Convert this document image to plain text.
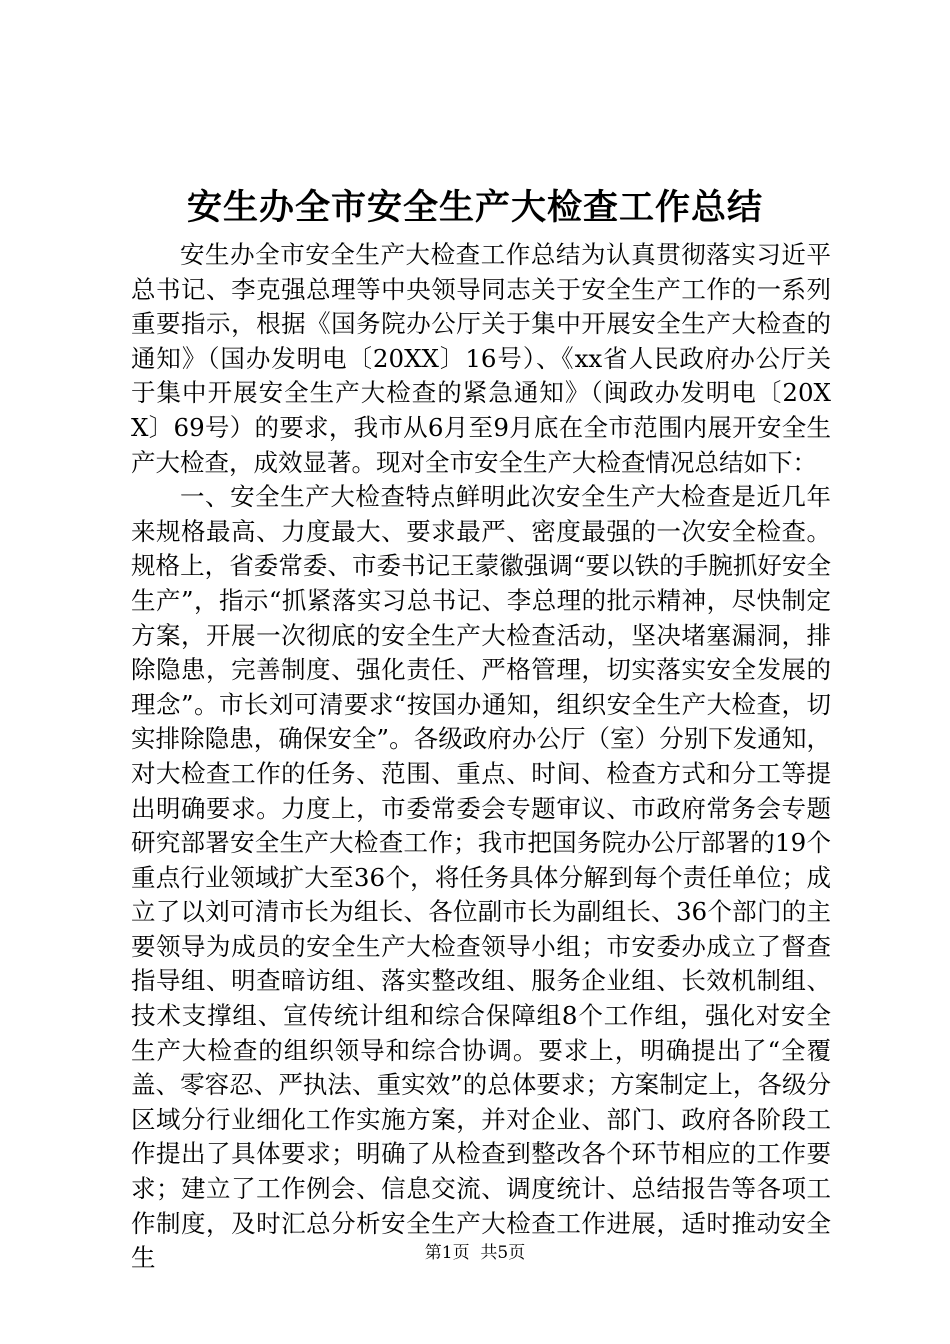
安生办全市安全生产大检查工作总结

安生办全市安全生产大检查工作总结为认真贯彻落实习近平总书记、李克强总理等中央领导同志关于安全生产工作的一系列重要指示，根据《国务院办公厅关于集中开展安全生产大检查的通知》（国办发明电〔20XX〕16号）、《xx省人民政府办公厅关于集中开展安全生产大检查的紧急通知》（闽政办发明电〔20XX〕69号）的要求，我市从6月至9月底在全市范围内展开安全生产大检查，成效显著。现对全市安全生产大检查情况总结如下：

一、安全生产大检查特点鲜明此次安全生产大检查是近几年来规格最高、力度最大、要求最严、密度最强的一次安全检查。规格上，省委常委、市委书记王蒙徽强调“要以铁的手腕抓好安全生产”，指示“抓紧落实习总书记、李总理的批示精神，尽快制定方案，开展一次彻底的安全生产大检查活动，坚决堵塞漏洞，排除隐患，完善制度、强化责任、严格管理，切实落实安全发展的理念”。市长刘可清要求“按国办通知，组织安全生产大检查，切实排除隐患，确保安全”。各级政府办公厅（室）分别下发通知，对大检查工作的任务、范围、重点、时间、检查方式和分工等提出明确要求。力度上，市委常委会专题审议、市政府常务会专题研究部署安全生产大检查工作；我市把国务院办公厅部署的19个重点行业领域扩大至36个，将任务具体分解到每个责任单位；成立了以刘可清市长为组长、各位副市长为副组长、36个部门的主要领导为成员的安全生产大检查领导小组；市安委办成立了督查指导组、明查暗访组、落实整改组、服务企业组、长效机制组、技术支撑组、宣传统计组和综合保障组8个工作组，强化对安全生产大检查的组织领导和综合协调。要求上，明确提出了“全覆盖、零容忍、严执法、重实效”的总体要求；方案制定上，各级分区域分行业细化工作实施方案，并对企业、部门、政府各阶段工作提出了具体要求；明确了从检查到整改各个环节相应的工作要求；建立了工作例会、信息交流、调度统计、总结报告等各项工作制度，及时汇总分析安全生产大检查工作进展，适时推动安全生	第1页 共5页
